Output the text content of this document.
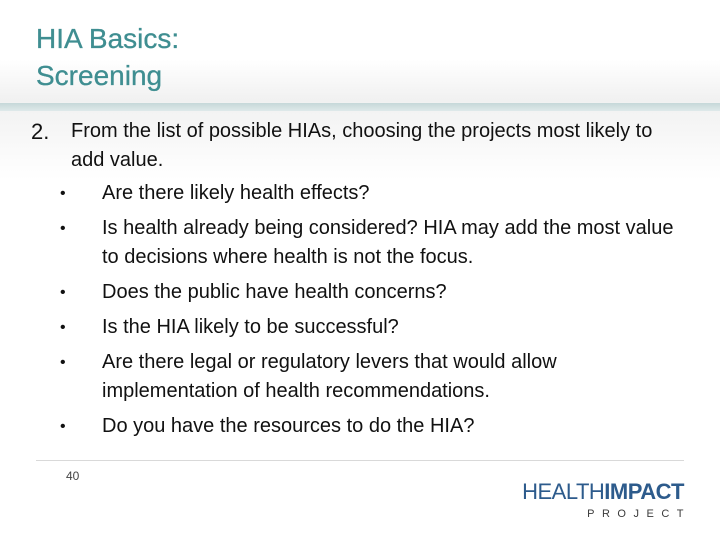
HIA Basics:
Screening
2. From the list of possible HIAs, choosing the projects most likely to add value.
• Are there likely health effects?
• Is health already being considered? HIA may add the most value to decisions where health is not the focus.
• Does the public have health concerns?
• Is the HIA likely to be successful?
• Are there legal or regulatory levers that would allow implementation of health recommendations.
• Do you have the resources to do the HIA?
40
HEALTHIMPACT
PROJECT
